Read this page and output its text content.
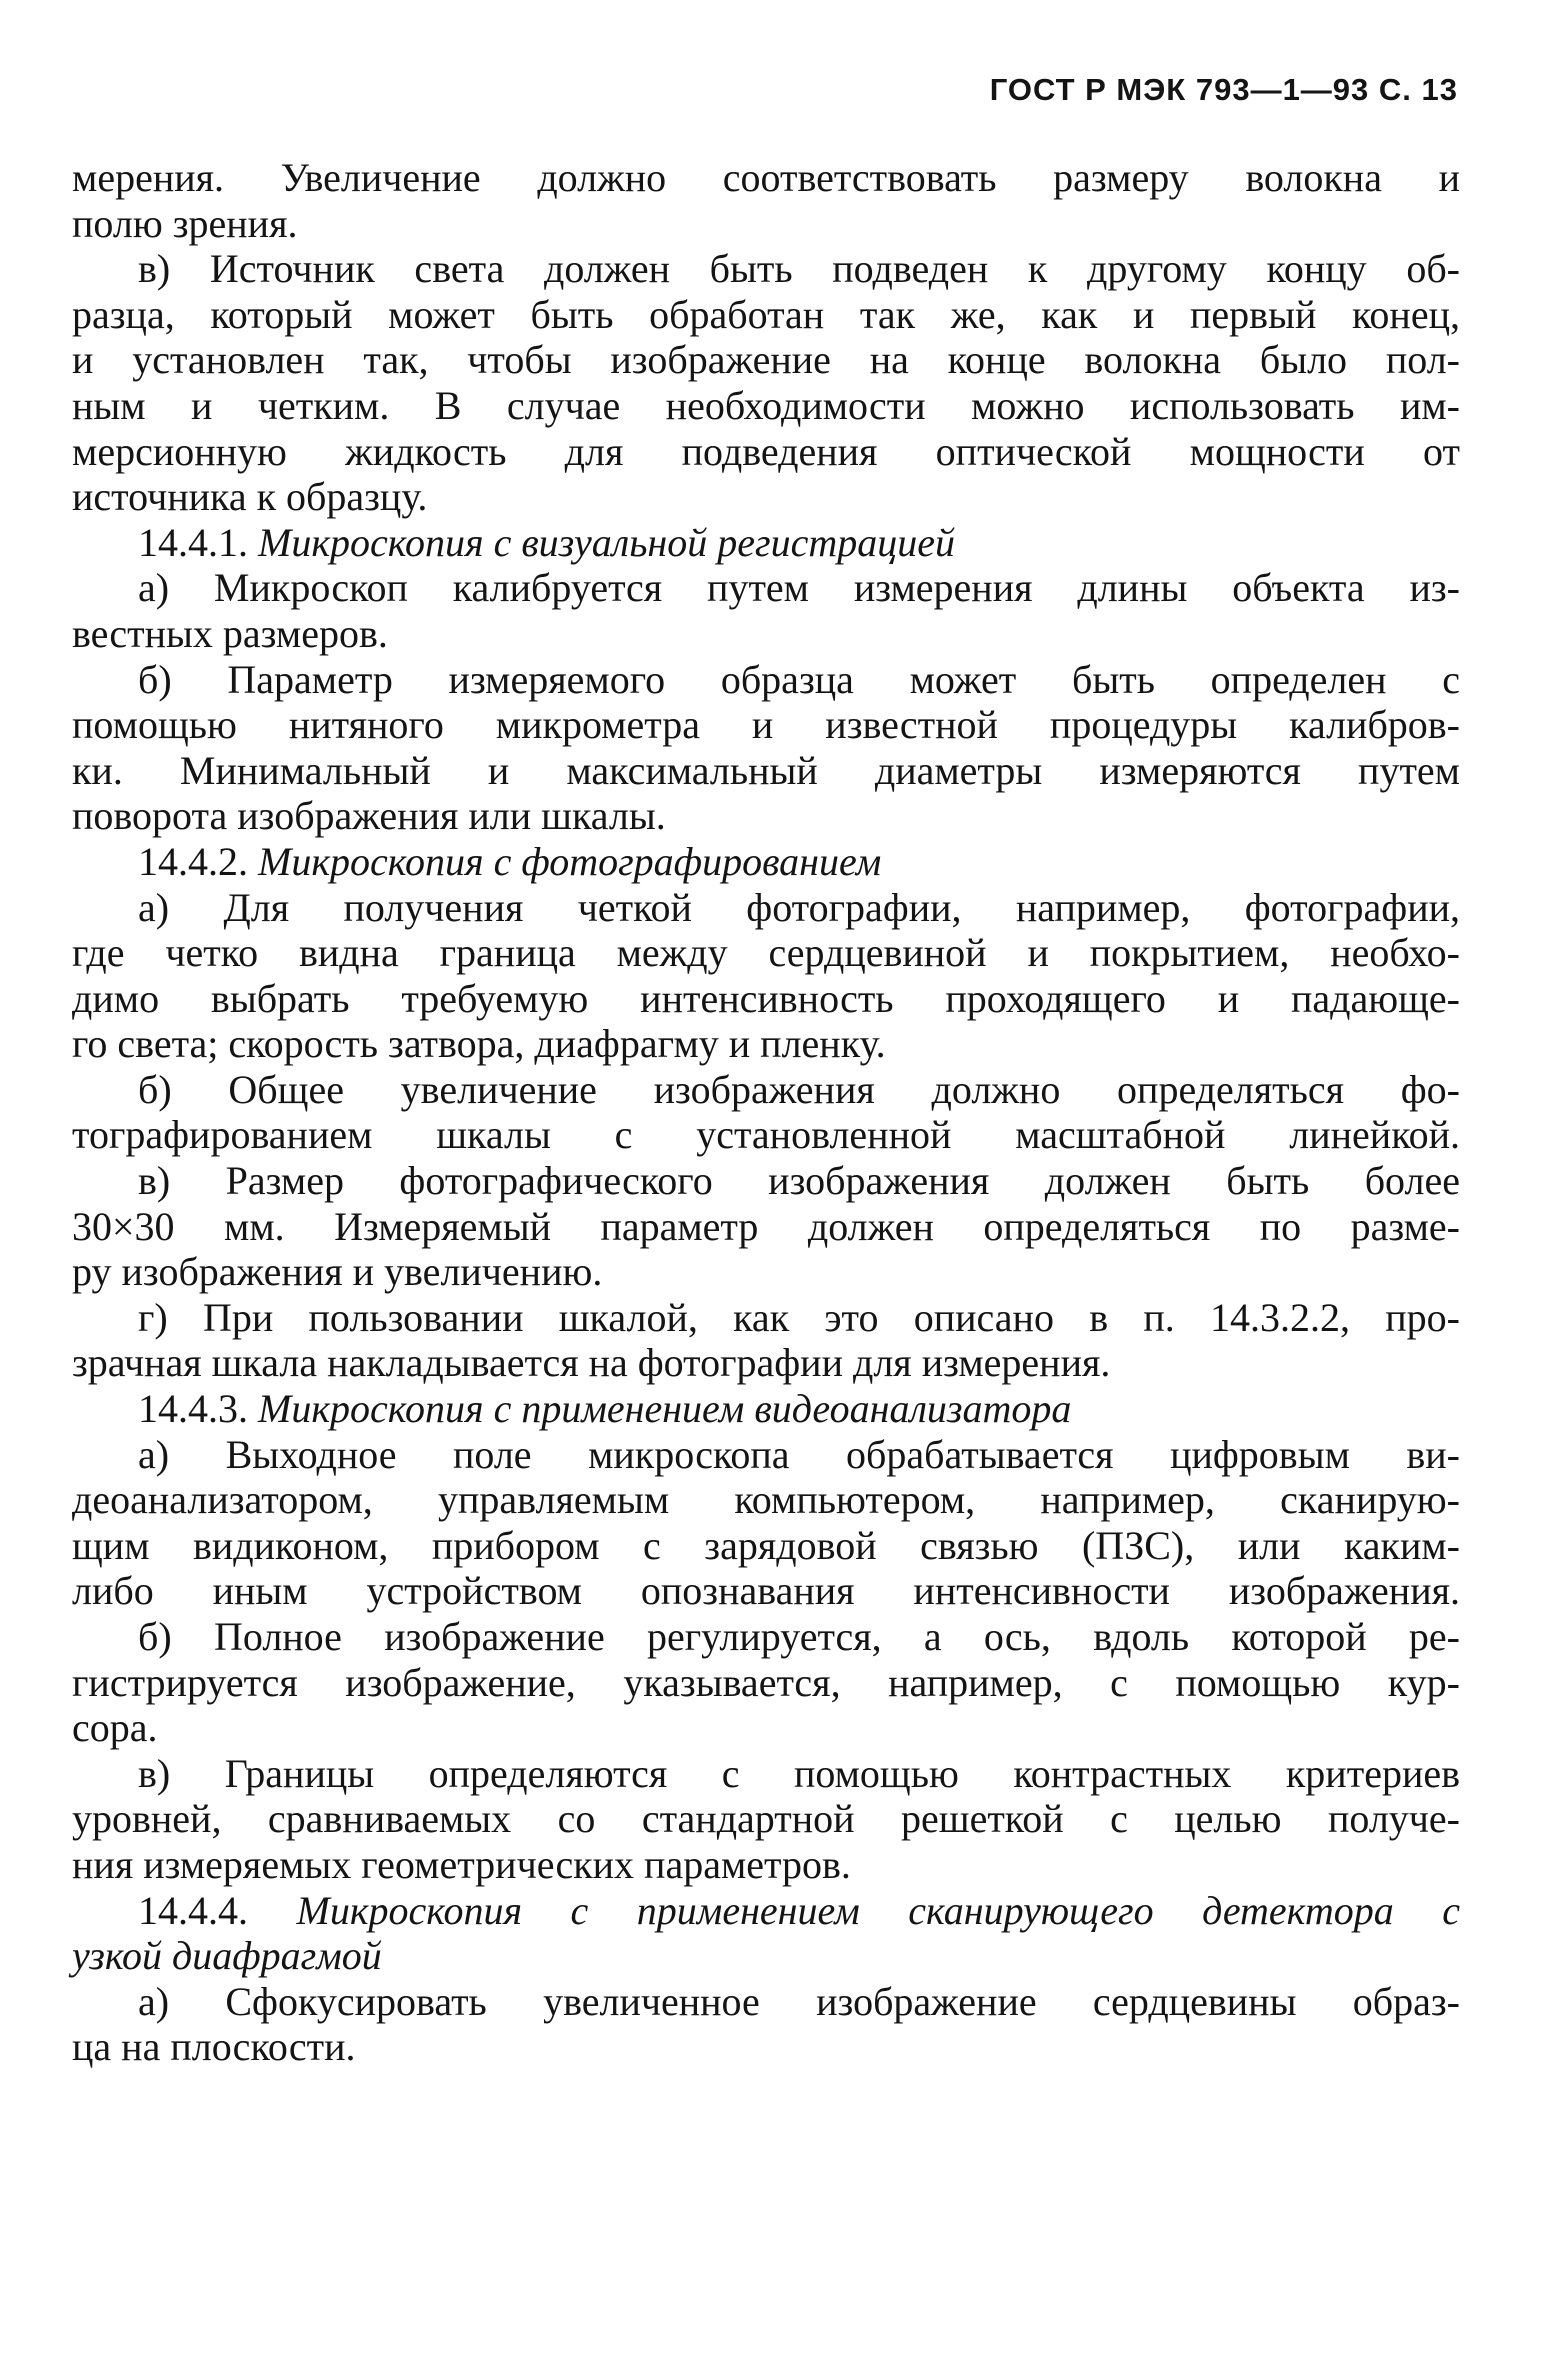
ГОСТ Р МЭК 793—1—93 С. 13
мерения. Увеличение должно соответствовать размеру волокна и
полю зрения.
в) Источник света должен быть подведен к другому концу об-
разца, который может быть обработан так же, как и первый конец,
и установлен так, чтобы изображение на конце волокна было пол-
ным и четким. В случае необходимости можно использовать им-
мерсионную жидкость для подведения оптической мощности от
источника к образцу.
14.4.1. Микроскопия с визуальной регистрацией
а) Микроскоп калибруется путем измерения длины объекта из-
вестных размеров.
б) Параметр измеряемого образца может быть определен с
помощью нитяного микрометра и известной процедуры калибров-
ки. Минимальный и максимальный диаметры измеряются путем
поворота изображения или шкалы.
14.4.2. Микроскопия с фотографированием
а) Для получения четкой фотографии, например, фотографии,
где четко видна граница между сердцевиной и покрытием, необхо-
димо выбрать требуемую интенсивность проходящего и падающе-
го света; скорость затвора, диафрагму и пленку.
б) Общее увеличение изображения должно определяться фо-
тографированием шкалы с установленной масштабной линейкой.
в) Размер фотографического изображения должен быть более
30×30 мм. Измеряемый параметр должен определяться по разме-
ру изображения и увеличению.
г) При пользовании шкалой, как это описано в п. 14.3.2.2, про-
зрачная шкала накладывается на фотографии для измерения.
14.4.3. Микроскопия с применением видеоанализатора
а) Выходное поле микроскопа обрабатывается цифровым ви-
деоанализатором, управляемым компьютером, например, сканирую-
щим видиконом, прибором с зарядовой связью (ПЗС), или каким-
либо иным устройством опознавания интенсивности изображения.
б) Полное изображение регулируется, а ось, вдоль которой ре-
гистрируется изображение, указывается, например, с помощью кур-
сора.
в) Границы определяются с помощью контрастных критериев
уровней, сравниваемых со стандартной решеткой с целью получе-
ния измеряемых геометрических параметров.
14.4.4. Микроскопия с применением сканирующего детектора с
узкой диафрагмой
а) Сфокусировать увеличенное изображение сердцевины образ-
ца на плоскости.
